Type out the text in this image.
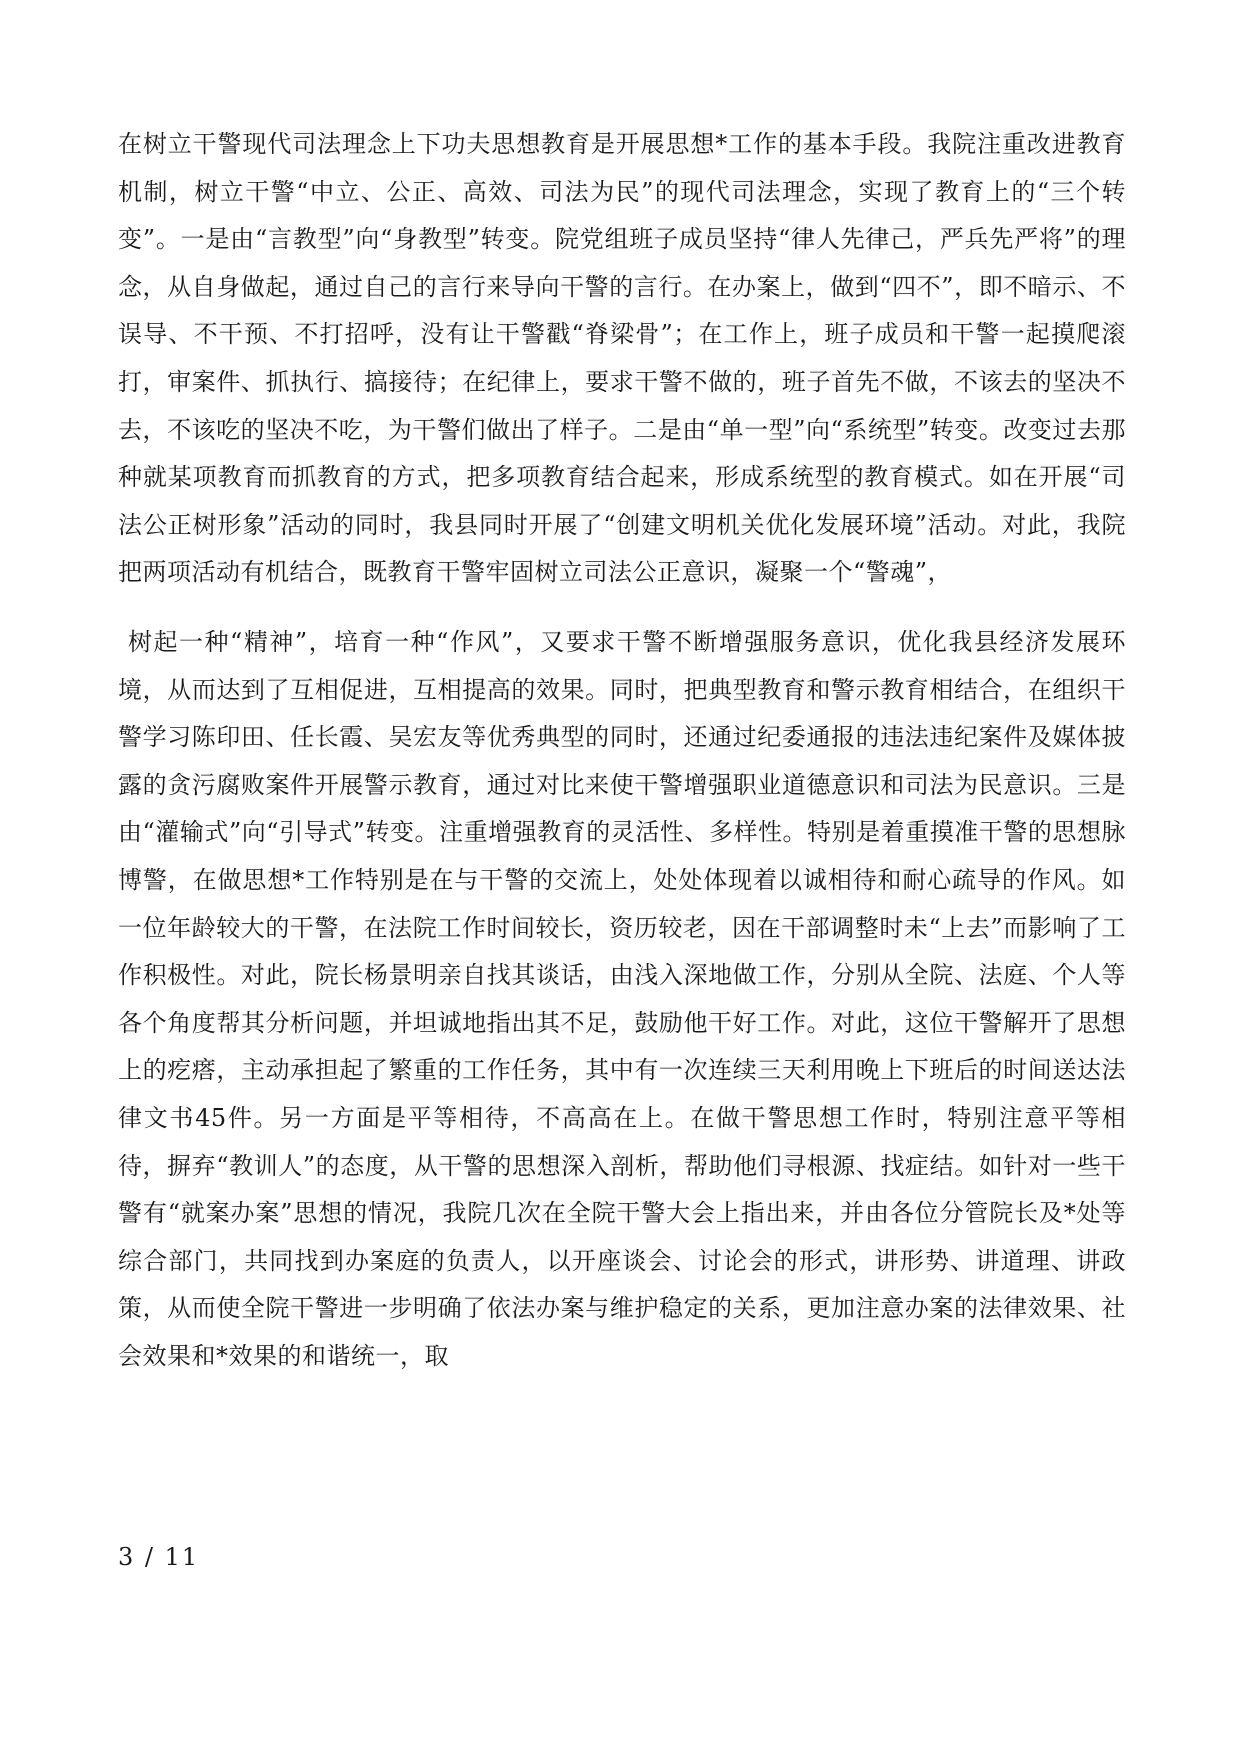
在树立干警现代司法理念上下功夫思想教育是开展思想*工作的基本手段。我院注重改进教育机制，树立干警“中立、公正、高效、司法为民”的现代司法理念，实现了教育上的“三个转变”。一是由“言教型”向“身教型”转变。院党组班子成员坚持“律人先律己，严兵先严将”的理念，从自身做起，通过自己的言行来导向干警的言行。在办案上，做到“四不”，即不暗示、不误导、不干预、不打招呼，没有让干警戳“脊梁骨”；在工作上，班子成员和干警一起摸爬滚打，审案件、抓执行、搞接待；在纪律上，要求干警不做的，班子首先不做，不该去的坚决不去，不该吃的坚决不吃，为干警们做出了样子。二是由“单一型”向“系统型”转变。改变过去那种就某项教育而抓教育的方式，把多项教育结合起来，形成系统型的教育模式。如在开展“司法公正树形象”活动的同时，我县同时开展了“创建文明机关优化发展环境”活动。对此，我院把两项活动有机结合，既教育干警牢固树立司法公正意识，凝聚一个“警魂”，

树起一种“精神”，培育一种“作风”，又要求干警不断增强服务意识，优化我县经济发展环境，从而达到了互相促进，互相提高的效果。同时，把典型教育和警示教育相结合，在组织干警学习陈印田、任长霞、吴宏友等优秀典型的同时，还通过纪委通报的违法违纪案件及媒体披露的贪污腐败案件开展警示教育，通过对比来使干警增强职业道德意识和司法为民意识。三是由“灌输式”向“引导式”转变。注重增强教育的灵活性、多样性。特别是着重摸准干警的思想脉博警，在做思想*工作特别是在与干警的交流上，处处体现着以诚相待和耐心疏导的作风。如一位年龄较大的干警，在法院工作时间较长，资历较老，因在干部调整时未“上去”而影响了工作积极性。对此，院长杨景明亲自找其谈话，由浅入深地做工作，分别从全院、法庭、个人等各个角度帮其分析问题，并坦诚地指出其不足，鼓励他干好工作。对此，这位干警解开了思想上的疙瘩，主动承担起了繁重的工作任务，其中有一次连续三天利用晚上下班后的时间送达法律文书45件。另一方面是平等相待，不高高在上。在做干警思想工作时，特别注意平等相待，摒弃“教训人”的态度，从干警的思想深入剖析，帮助他们寻根源、找症结。如针对一些干警有“就案办案”思想的情况，我院几次在全院干警大会上指出来，并由各位分管院长及*处等综合部门，共同找到办案庭的负责人，以开座谈会、讨论会的形式，讲形势、讲道理、讲政策，从而使全院干警进一步明确了依法办案与维护稳定的关系，更加注意办案的法律效果、社会效果和*效果的和谐统一，取

3 / 11
